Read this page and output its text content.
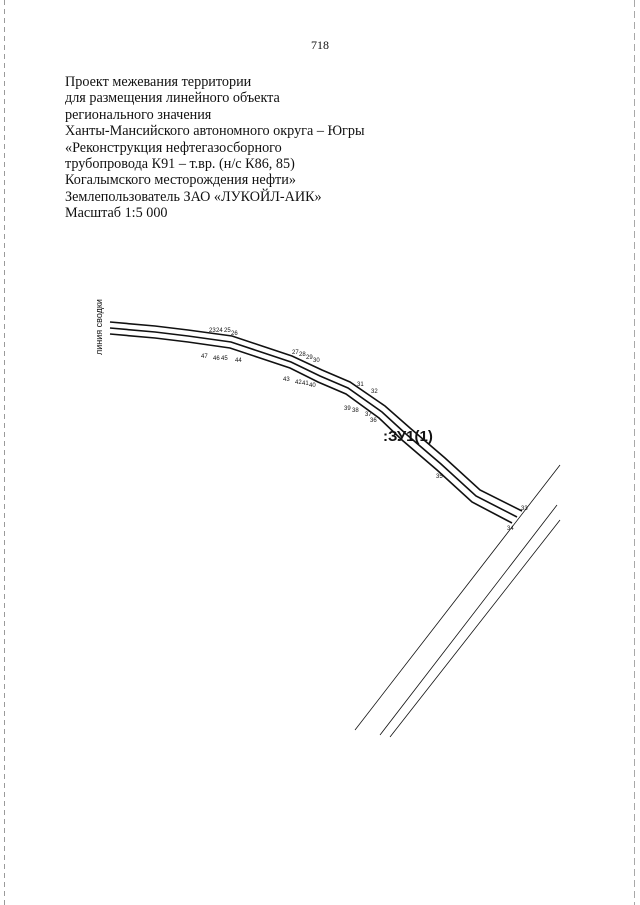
718
Проект межевания территории
для размещения линейного объекта
регионального значения
Ханты-Мансийского автономного округа – Югры
«Реконструкция нефтегазосборного
трубопровода К91 – т.вр. (н/с К86, 85)
Когалымского месторождения нефти»
Землепользователь ЗАО «ЛУКОЙЛ-АИК»
Масштаб 1:5 000
линия сводки	23 24 25 26
27 28 29 30
31
32
33
47 46 45 44
43 42 41 40
39 38
37
36
35
34
:ЗУ1(1)
